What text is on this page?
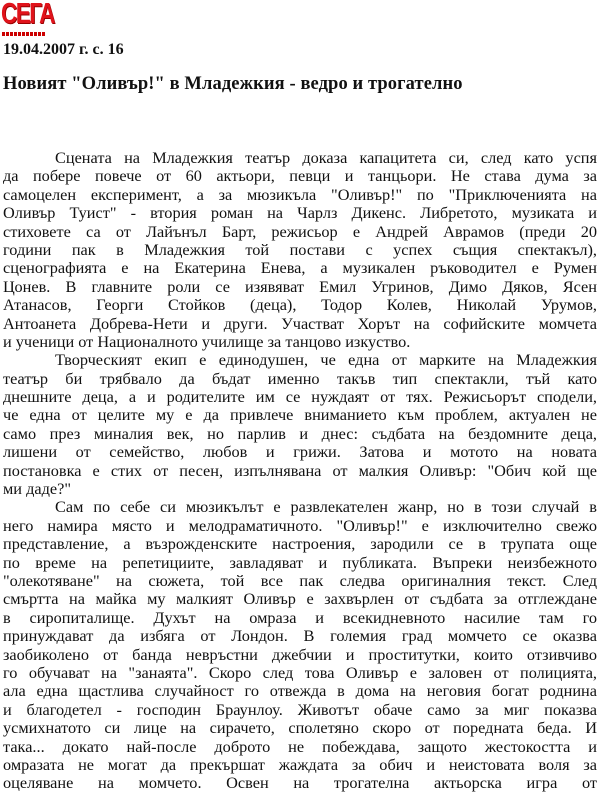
СЕГА
19.04.2007 г. с. 16
Новият "Оливър!" в Младежкия - ведро и трогателно
Сцената на Младежкия театър доказа капацитета си, след като успя
да побере повече от 60 актьори, певци и танцьори. Не става дума за
самоцелен експеримент, а за мюзикъла "Оливър!" по "Приключенията на
Оливър Туист" - втория роман на Чарлз Дикенс. Либретото, музиката и
стиховете са от Лайънъл Барт, режисьор е Андрей Аврамов (преди 20
години пак в Младежкия той постави с успех същия спектакъл),
сценографията е на Екатерина Енева, а музикален ръководител е Румен
Цонев. В главните роли се изявяват Емил Угринов, Димо Дяков, Ясен
Атанасов, Георги Стойков (деца), Тодор Колев, Николай Урумов,
Антоанета Добрева-Нети и други. Участват Хорът на софийските момчета
и ученици от Националното училище за танцово изкуство.
Творческият екип е единодушен, че една от марките на Младежкия
театър би трябвало да бъдат именно такъв тип спектакли, тъй като
днешните деца, а и родителите им се нуждаят от тях. Режисьорът сподели,
че една от целите му е да привлече вниманието към проблем, актуален не
само през миналия век, но парлив и днес: съдбата на бездомните деца,
лишени от семейство, любов и грижи. Затова и мотото на новата
постановка е стих от песен, изпълнявана от малкия Оливър: "Обич кой ще
ми даде?"
Сам по себе си мюзикълът е развлекателен жанр, но в този случай в
него намира място и мелодраматичното. "Оливър!" е изключително свежо
представление, а възрожденските настроения, зародили се в трупата още
по време на репетициите, завладяват и публиката. Въпреки неизбежното
"олекотяване" на сюжета, той все пак следва оригиналния текст. След
смъртта на майка му малкият Оливър е захвърлен от съдбата за отглеждане
в сиропиталище. Духът на омраза и всекидневното насилие там го
принуждават да избяга от Лондон. В големия град момчето се оказва
заобиколено от банда невръстни джебчии и проститутки, които отзивчиво
го обучават на "занаята". Скоро след това Оливър е заловен от полицията,
ала една щастлива случайност го отвежда в дома на неговия богат роднина
и благодетел - господин Браунлоу. Животът обаче само за миг показва
усмихнатото си лице на сирачето, сполетяно скоро от поредната беда. И
така... докато най-после доброто не побеждава, защото жестокостта и
омразата не могат да прекършат жаждата за обич и неистовата воля за
оцеляване на момчето. Освен на трогателна актьорска игра от
